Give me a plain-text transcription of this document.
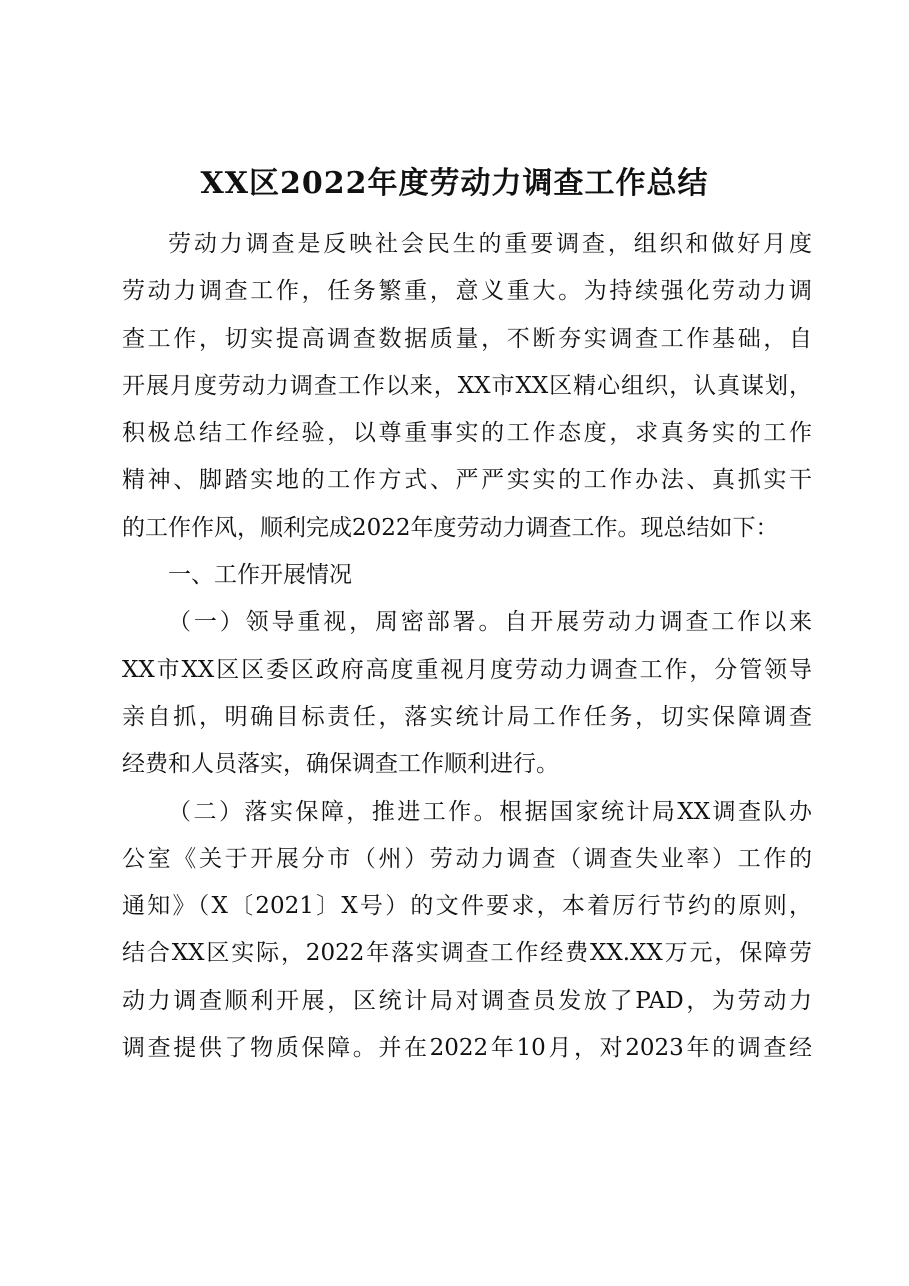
XX区2022年度劳动力调查工作总结
劳动力调查是反映社会民生的重要调查，组织和做好月度
劳动力调查工作，任务繁重，意义重大。为持续强化劳动力调
查工作，切实提高调查数据质量，不断夯实调查工作基础，自
开展月度劳动力调查工作以来，XX市XX区精心组织，认真谋划，
积极总结工作经验，以尊重事实的工作态度，求真务实的工作
精神、脚踏实地的工作方式、严严实实的工作办法、真抓实干
的工作作风，顺利完成2022年度劳动力调查工作。现总结如下：
一、工作开展情况
（一）领导重视，周密部署。自开展劳动力调查工作以来
XX市XX区区委区政府高度重视月度劳动力调查工作，分管领导
亲自抓，明确目标责任，落实统计局工作任务，切实保障调查
经费和人员落实，确保调查工作顺利进行。
（二）落实保障，推进工作。根据国家统计局XX调查队办
公室《关于开展分市（州）劳动力调查（调查失业率）工作的
通知》（X〔2021〕X号）的文件要求，本着厉行节约的原则，
结合XX区实际，2022年落实调查工作经费XX.XX万元，保障劳
动力调查顺利开展，区统计局对调查员发放了PAD，为劳动力
调查提供了物质保障。并在2022年10月，对2023年的调查经
